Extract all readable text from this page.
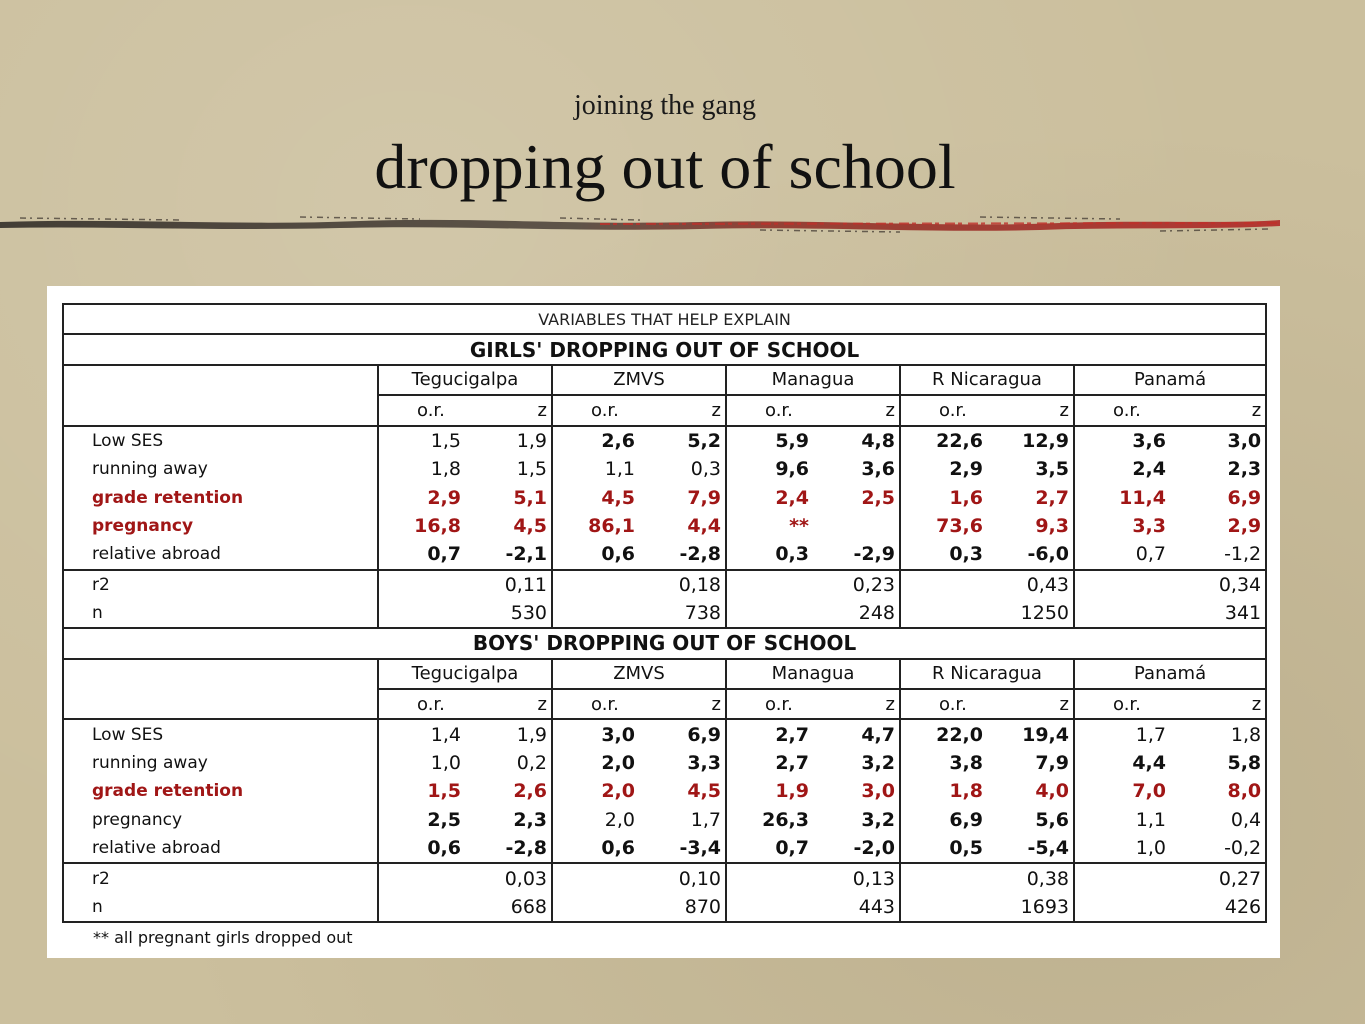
joining the gang
dropping out of school
VARIABLES THAT HELP EXPLAIN										
GIRLS' DROPPING OUT OF SCHOOL										
	Tegucigalpa		ZMVS		Managua		R Nicaragua		Panamá	
	o.r.	z	o.r.	z	o.r.	z	o.r.	z	o.r.	z
Low SES	1,5	1,9	2,6	5,2	5,9	4,8	22,6	12,9	3,6	3,0
running away	1,8	1,5	1,1	0,3	9,6	3,6	2,9	3,5	2,4	2,3
grade retention	2,9	5,1	4,5	7,9	2,4	2,5	1,6	2,7	11,4	6,9
pregnancy	16,8	4,5	86,1	4,4	**		73,6	9,3	3,3	2,9
relative abroad	0,7	-2,1	0,6	-2,8	0,3	-2,9	0,3	-6,0	0,7	-1,2
r2	0,11		0,18		0,23		0,43		0,34	
n	530		738		248		1250		341	
BOYS' DROPPING OUT OF SCHOOL										
	Tegucigalpa		ZMVS		Managua		R Nicaragua		Panamá	
	o.r.	z	o.r.	z	o.r.	z	o.r.	z	o.r.	z
Low SES	1,4	1,9	3,0	6,9	2,7	4,7	22,0	19,4	1,7	1,8
running away	1,0	0,2	2,0	3,3	2,7	3,2	3,8	7,9	4,4	5,8
grade retention	1,5	2,6	2,0	4,5	1,9	3,0	1,8	4,0	7,0	8,0
pregnancy	2,5	2,3	2,0	1,7	26,3	3,2	6,9	5,6	1,1	0,4
relative abroad	0,6	-2,8	0,6	-3,4	0,7	-2,0	0,5	-5,4	1,0	-0,2
r2	0,03		0,10		0,13		0,38		0,27	
n	668		870		443		1693		426	
** all pregnant girls dropped out
